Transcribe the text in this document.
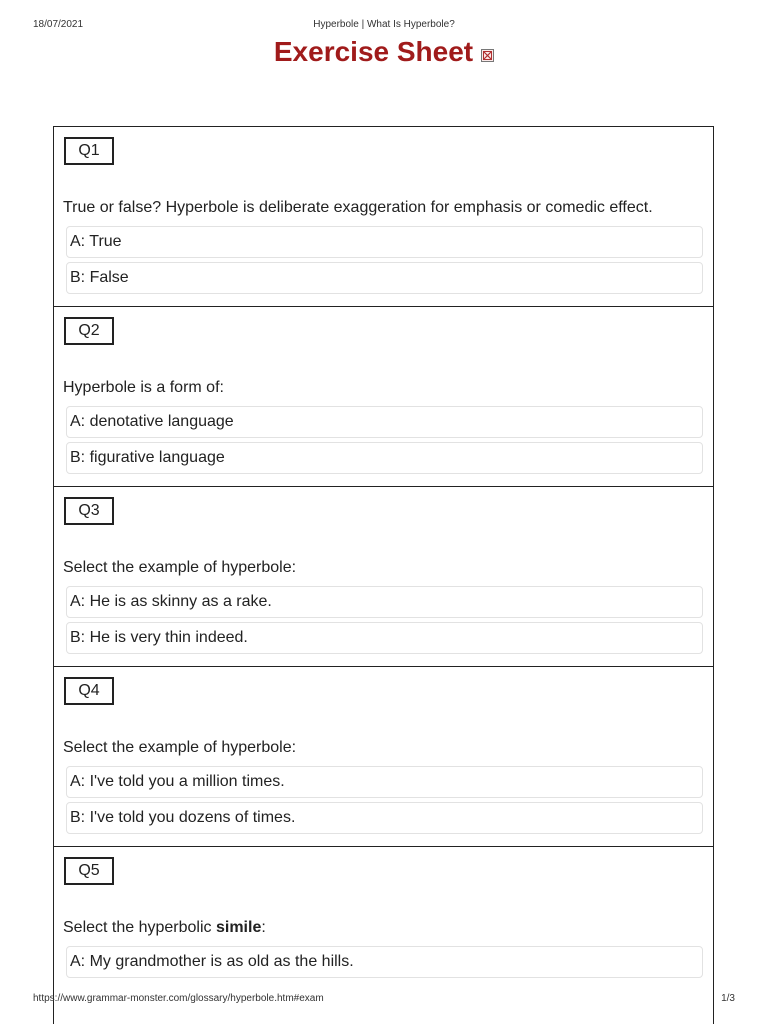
18/07/2021	Hyperbole | What Is Hyperbole?
Exercise Sheet
Q1
True or false? Hyperbole is deliberate exaggeration for emphasis or comedic effect.
A: True
B: False
Q2
Hyperbole is a form of:
A: denotative language
B: figurative language
Q3
Select the example of hyperbole:
A: He is as skinny as a rake.
B: He is very thin indeed.
Q4
Select the example of hyperbole:
A: I've told you a million times.
B: I've told you dozens of times.
Q5
Select the hyperbolic simile:
A: My grandmother is as old as the hills.
https://www.grammar-monster.com/glossary/hyperbole.htm#exam	1/3
